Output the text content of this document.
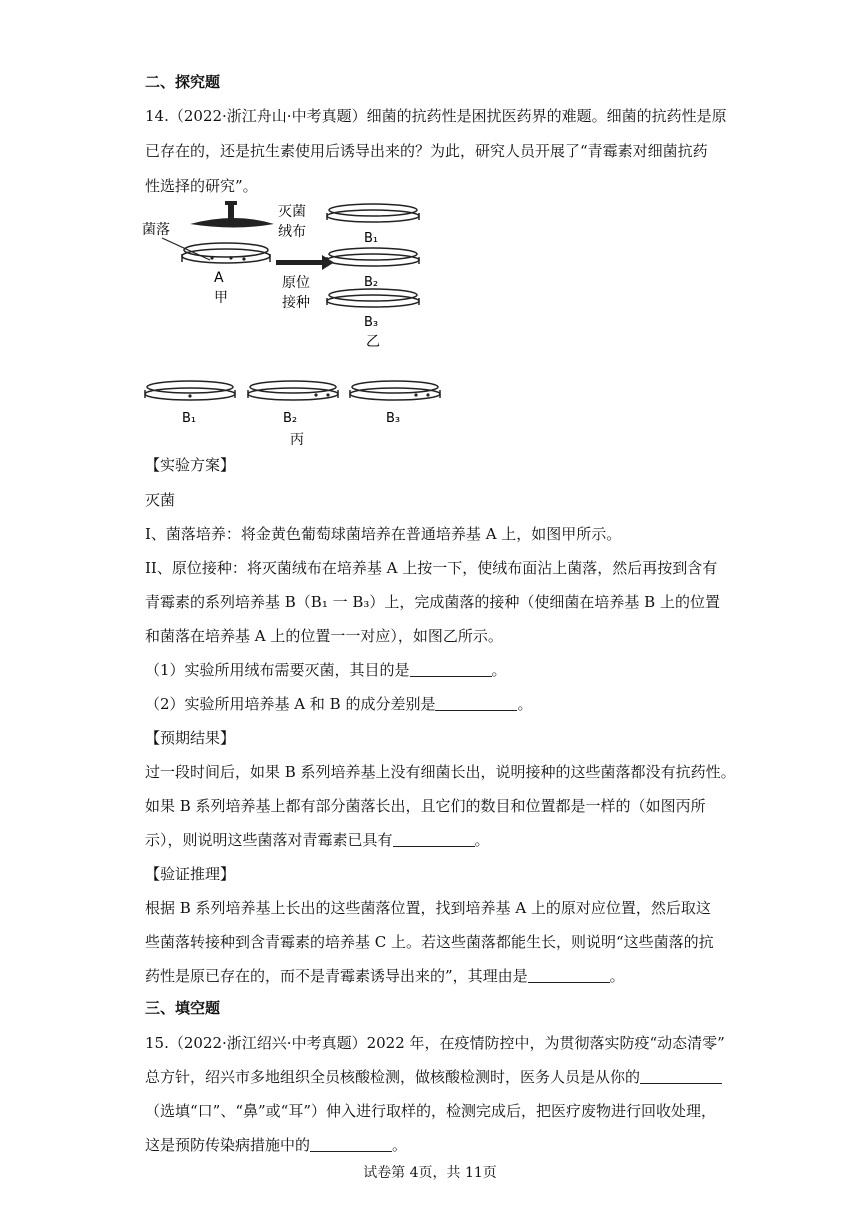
二、探究题
14.（2022·浙江舟山·中考真题）细菌的抗药性是困扰医药界的难题。细菌的抗药性是原
已存在的，还是抗生素使用后诱导出来的？为此，研究人员开展了“青霉素对细菌抗药
性选择的研究”。
灭菌
绒布
菌落
A
甲
原位
接种
B₁
B₂
B₃
乙
B₁	B₂
丙
B₃
【实验方案】
灭菌
I、菌落培养：将金黄色葡萄球菌培养在普通培养基 A 上，如图甲所示。
II、原位接种：将灭菌绒布在培养基 A 上按一下，使绒布面沾上菌落，然后再按到含有
青霉素的系列培养基 B（B₁ 一 B₃）上，完成菌落的接种（使细菌在培养基 B 上的位置
和菌落在培养基 A 上的位置一一对应），如图乙所示。
（1）实验所用绒布需要灭菌，其目的是	。
（2）实验所用培养基 A 和 B 的成分差别是	。
【预期结果】
过一段时间后，如果 B 系列培养基上没有细菌长出，说明接种的这些菌落都没有抗药性。
如果 B 系列培养基上都有部分菌落长出，且它们的数目和位置都是一样的（如图丙所
示），则说明这些菌落对青霉素已具有	。
【验证推理】
根据 B 系列培养基上长出的这些菌落位置，找到培养基 A 上的原对应位置，然后取这
些菌落转接种到含青霉素的培养基 C 上。若这些菌落都能生长，则说明“这些菌落的抗
药性是原已存在的，而不是青霉素诱导出来的”，其理由是	。
三、填空题
15.（2022·浙江绍兴·中考真题）2022 年，在疫情防控中，为贯彻落实防疫“动态清零”
总方针，绍兴市多地组织全员核酸检测，做核酸检测时，医务人员是从你的
（选填“口”、“鼻”或“耳”）伸入进行取样的，检测完成后，把医疗废物进行回收处理，
这是预防传染病措施中的	。
试卷第 4页，共 11页
